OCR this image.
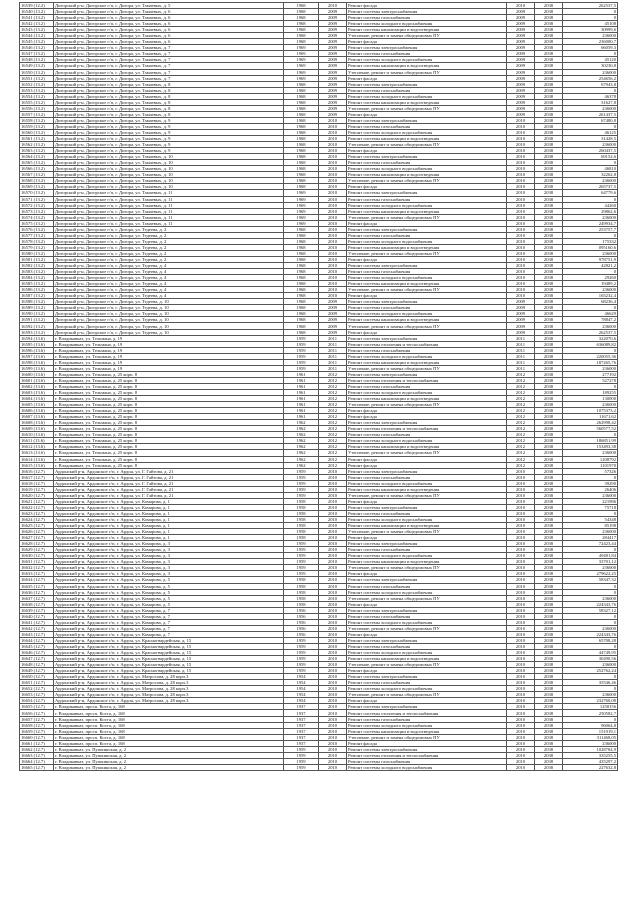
16539 (12.2)	Дигорский р-н, Дигорское г/п, г. Дигора, ул. Тамаевых, д. 5	1968	2010	Ремонт фасада	2010	2038	262537,5
16540 (13.2)	Дигорский р-н, Дигорское г/п, г. Дигора, ул. Тамаевых, д. 6	1968	2009	Ремонт системы электроснабжения	2009	2038	0
16541 (13.2)	Дигорский р-н, Дигорское г/п, г. Дигора, ул. Тамаевых, д. 6	1968	2009	Ремонт системы газоснабжения	2009	2038	0
16542 (13.2)	Дигорский р-н, Дигорское г/п, г. Дигора, ул. Тамаевых, д. 6	1968	2009	Ремонт системы холодного водоснабжения	2009	2038	45108
16543 (13.2)	Дигорский р-н, Дигорское г/п, г. Дигора, ул. Тамаевых, д. 6	1968	2009	Ремонт системы канализации и водоотведения	2009	2038	30999,6
16544 (13.2)	Дигорский р-н, Дигорское г/п, г. Дигора, ул. Тамаевых, д. 6	1968	2009	Утепление, ремонт и замена общедомовых ПУ	2009	2038	236000
16545 (13.2)	Дигорский р-н, Дигорское г/п, г. Дигора, ул. Тамаевых, д. 6	1968	2009	Ремонт фасада	2009	2038	236000,7
16546 (13.2)	Дигорский р-н, Дигорское г/п, г. Дигора, ул. Тамаевых, д. 7	1969	2009	Ремонт системы электроснабжения	2009	2038	66059,3
16547 (13.2)	Дигорский р-н, Дигорское г/п, г. Дигора, ул. Тамаевых, д. 7	1969	2009	Ремонт системы газоснабжения	2009	2038	0
16548 (13.2)	Дигорский р-н, Дигорское г/п, г. Дигора, ул. Тамаевых, д. 7	1969	2009	Ремонт системы холодного водоснабжения	2009	2038	45120
16549 (13.2)	Дигорский р-н, Дигорское г/п, г. Дигора, ул. Тамаевых, д. 7	1969	2009	Ремонт системы канализации и водоотведения	2009	2038	30230,8
16550 (13.2)	Дигорский р-н, Дигорское г/п, г. Дигора, ул. Тамаевых, д. 7	1969	2009	Утепление, ремонт и замена общедомовых ПУ	2009	2038	236000
16551 (13.2)	Дигорский р-н, Дигорское г/п, г. Дигора, ул. Тамаевых, д. 7	1969	2009	Ремонт фасада	2009	2038	254656,2
16552 (13.2)	Дигорский р-н, Дигорское г/п, г. Дигора, ул. Тамаевых, д. 8	1968	2009	Ремонт системы электроснабжения	2009	2038	67943,8
16553 (13.2)	Дигорский р-н, Дигорское г/п, г. Дигора, ул. Тамаевых, д. 8	1968	2009	Ремонт системы газоснабжения	2009	2038	0
16554 (13.2)	Дигорский р-н, Дигорское г/п, г. Дигора, ул. Тамаевых, д. 8	1968	2009	Ремонт системы холодного водоснабжения	2009	2038	46378
16555 (13.2)	Дигорский р-н, Дигорское г/п, г. Дигора, ул. Тамаевых, д. 8	1968	2009	Ремонт системы канализации и водоотведения	2009	2038	31627,8
16556 (13.2)	Дигорский р-н, Дигорское г/п, г. Дигора, ул. Тамаевых, д. 8	1968	2009	Утепление, ремонт и замена общедомовых ПУ	2009	2038	236000
16557 (13.2)	Дигорский р-н, Дигорское г/п, г. Дигора, ул. Тамаевых, д. 8	1968	2009	Ремонт фасада	2009	2038	261437,5
16558 (13.2)	Дигорский р-н, Дигорское г/п, г. Дигора, ул. Тамаевых, д. 9	1968	2010	Ремонт системы электроснабжения	2010	2038	67480,8
16559 (13.2)	Дигорский р-н, Дигорское г/п, г. Дигора, ул. Тамаевых, д. 9	1968	2010	Ремонт системы газоснабжения	2010	2038	0
16560 (13.2)	Дигорский р-н, Дигорское г/п, г. Дигора, ул. Тамаевых, д. 9	1968	2010	Ремонт системы холодного водоснабжения	2010	2038	46125
16561 (13.2)	Дигорский р-н, Дигорское г/п, г. Дигора, ул. Тамаевых, д. 9	1968	2010	Ремонт системы канализации и водоотведения	2010	2038	31428,5
16562 (13.2)	Дигорский р-н, Дигорское г/п, г. Дигора, ул. Тамаевых, д. 9	1968	2010	Утепление, ремонт и замена общедомовых ПУ	2010	2038	236000
16563 (13.2)	Дигорский р-н, Дигорское г/п, г. Дигора, ул. Тамаевых, д. 9	1968	2010	Ремонт фасада	2010	2038	260437,5
16564 (13.2)	Дигорский р-н, Дигорское г/п, г. Дигора, ул. Тамаевых, д. 10	1968	2010	Ремонт системы электроснабжения	2010	2038	69152,6
16565 (13.2)	Дигорский р-н, Дигорское г/п, г. Дигора, ул. Тамаевых, д. 10	1968	2010	Ремонт системы газоснабжения	2010	2038	0
16566 (13.2)	Дигорский р-н, Дигорское г/п, г. Дигора, ул. Тамаевых, д. 10	1968	2010	Ремонт системы холодного водоснабжения	2010	2038	46810
16567 (13.2)	Дигорский р-н, Дигорское г/п, г. Дигора, ул. Тамаевых, д. 10	1968	2010	Ремонт системы канализации и водоотведения	2010	2038	32262,8
16568 (13.2)	Дигорский р-н, Дигорское г/п, г. Дигора, ул. Тамаевых, д. 10	1968	2010	Утепление, ремонт и замена общедомовых ПУ	2010	2038	236000
16569 (13.2)	Дигорский р-н, Дигорское г/п, г. Дигора, ул. Тамаевых, д. 10	1968	2010	Ремонт фасада	2010	2038	265737,5
16570 (13.2)	Дигорский р-н, Дигорское г/п, г. Дигора, ул. Тамаевых, д. 11	1969	2010	Ремонт системы электроснабжения	2010	2038	64779,6
16571 (13.2)	Дигорский р-н, Дигорское г/п, г. Дигора, ул. Тамаевых, д. 11	1969	2010	Ремонт системы газоснабжения	2010	2038	0
16572 (13.2)	Дигорский р-н, Дигорское г/п, г. Дигора, ул. Тамаевых, д. 11	1969	2010	Ремонт системы холодного водоснабжения	2010	2038	44260
16573 (13.2)	Дигорский р-н, Дигорское г/п, г. Дигора, ул. Тамаевых, д. 11	1969	2010	Ремонт системы канализации и водоотведения	2010	2038	29862,6
16574 (13.2)	Дигорский р-н, Дигорское г/п, г. Дигора, ул. Тамаевых, д. 11	1969	2010	Утепление, ремонт и замена общедомовых ПУ	2010	2038	236000
16575 (13.2)	Дигорский р-н, Дигорское г/п, г. Дигора, ул. Тамаевых, д. 11	1969	2010	Ремонт фасада	2010	2038	249934,7
16576 (13.2)	Дигорский р-н, Дигорское г/п, г. Дигора, ул. Тедеева, д. 2	1968	2010	Ремонт системы электроснабжения	2010	2038	253757,7
16577 (13.2)	Дигорский р-н, Дигорское г/п, г. Дигора, ул. Тедеева, д. 2	1968	2010	Ремонт системы газоснабжения	2010	2038	0
16578 (13.2)	Дигорский р-н, Дигорское г/п, г. Дигора, ул. Тедеева, д. 2	1968	2010	Ремонт системы холодного водоснабжения	2010	2038	175332
16579 (13.2)	Дигорский р-н, Дигорское г/п, г. Дигора, ул. Тедеева, д. 2	1968	2010	Ремонт системы канализации и водоотведения	2010	2038	095160,6
16580 (13.2)	Дигорский р-н, Дигорское г/п, г. Дигора, ул. Тедеева, д. 2	1968	2010	Утепление, ремонт и замена общедомовых ПУ	2010	2038	236000
16581 (13.2)	Дигорский р-н, Дигорское г/п, г. Дигора, ул. Тедеева, д. 2	1968	2010	Ремонт фасада	2010	2038	978751,9
16582 (13.2)	Дигорский р-н, Дигорское г/п, г. Дигора, ул. Тедеева, д. 4	1968	2010	Ремонт системы электроснабжения	2010	2038	42821,2
16583 (13.2)	Дигорский р-н, Дигорское г/п, г. Дигора, ул. Тедеева, д. 4	1968	2010	Ремонт системы газоснабжения	2010	2038	0
16584 (13.2)	Дигорский р-н, Дигорское г/п, г. Дигора, ул. Тедеева, д. 4	1968	2010	Ремонт системы холодного водоснабжения	2010	2038	29260
16585 (13.2)	Дигорский р-н, Дигорское г/п, г. Дигора, ул. Тедеева, д. 4	1968	2010	Ремонт системы канализации и водоотведения	2010	2038	19489,2
16586 (13.2)	Дигорский р-н, Дигорское г/п, г. Дигора, ул. Тедеева, д. 4	1968	2010	Утепление, ремонт и замена общедомовых ПУ	2010	2038	236000
16587 (13.2)	Дигорский р-н, Дигорское г/п, г. Дигора, ул. Тедеева, д. 4	1968	2010	Ремонт фасада	2010	2038	165232,4
16588 (13.2)	Дигорский р-н, Дигорское г/п, г. Дигора, ул. Тедеева, д. 10	1968	2009	Ремонт системы электроснабжения	2009	2038	68236,4
16589 (13.2)	Дигорский р-н, Дигорское г/п, г. Дигора, ул. Тедеева, д. 10	1968	2009	Ремонт системы газоснабжения	2009	2038	0
16590 (13.2)	Дигорский р-н, Дигорское г/п, г. Дигора, ул. Тедеева, д. 10	1968	2009	Ремонт системы холодного водоснабжения	2009	2038	46629
16591 (13.2)	Дигорский р-н, Дигорское г/п, г. Дигора, ул. Тедеева, д. 10	1968	2009	Ремонт системы канализации и водоотведения	2009	2038	78847,2
16592 (13.2)	Дигорский р-н, Дигорское г/п, г. Дигора, ул. Тедеева, д. 10	1968	2009	Утепление, ремонт и замена общедомовых ПУ	2009	2038	236000
16593 (13.2)	Дигорский р-н, Дигорское г/п, г. Дигора, ул. Тедеева, д. 10	1968	2009	Ремонт фасада	2009	2038	262537,5
16594 (13.6)	г. Владикавказ, ул. Тельмана, д. 19	1959	2011	Ремонт системы электроснабжения	2011	2038	322070,6
16595 (13.6)	г. Владикавказ, ул. Тельмана, д. 19	1959	2011	Ремонт системы отопления и теплоснабжения	2011	2038	636089,82
16596 (13.6)	г. Владикавказ, ул. Тельмана, д. 19	1959	2011	Ремонт системы газоснабжения	2011	2038	0
16597 (13.6)	г. Владикавказ, ул. Тельмана, д. 19	1959	2011	Ремонт системы холодного водоснабжения	2011	2038	220055,36
16598 (13.6)	г. Владикавказ, ул. Тельмана, д. 19	1959	2011	Ремонт системы канализации и водоотведения	2011	2038	187265,76
16599 (13.6)	г. Владикавказ, ул. Тельмана, д. 19	1959	2011	Утепление, ремонт и замена общедомовых ПУ	2011	2038	236000
16600 (13.6)	г. Владикавказ, ул. Тельмана, д. 25 корп. 8	1961	2012	Ремонт системы электроснабжения	2012	2038	277192
16601 (13.6)	г. Владикавказ, ул. Тельмана, д. 25 корп. 8	1961	2012	Ремонт системы отопления и теплоснабжения	2012	2038	527278
16602 (13.6)	г. Владикавказ, ул. Тельмана, д. 25 корп. 8	1961	2012	Ремонт системы газоснабжения	2012	2038	0
16603 (13.6)	г. Владикавказ, ул. Тельмана, д. 25 корп. 8	1961	2012	Ремонт системы холодного водоснабжения	2012	2038	189255
16604 (13.6)	г. Владикавказ, ул. Тельмана, д. 25 корп. 8	1961	2012	Ремонт системы канализации и водоотведения	2012	2038	130000
16605 (13.6)	г. Владикавказ, ул. Тельмана, д. 25 корп. 8	1961	2012	Утепление, ремонт и замена общедомовых ПУ	2012	2038	236000
16606 (13.6)	г. Владикавказ, ул. Тельмана, д. 25 корп. 8	1961	2012	Ремонт фасада	2012	2038	1075373,2
16607 (13.6)	г. Владикавказ, ул. Тельмана, д. 25 корп. 8	1961	2012	Ремонт фасада	2012	2038	11671,62
16608 (13.6)	г. Владикавказ, ул. Тельмана, д. 25 корп. 8	1962	2012	Ремонт системы электроснабжения	2012	2038	262998,42
16609 (13.6)	г. Владикавказ, ул. Тельмана, д. 25 корп. 8	1962	2012	Ремонт системы отопления и теплоснабжения	2012	2038	560577,52
16610 (13.6)	г. Владикавказ, ул. Тельмана, д. 25 корп. 8	1962	2012	Ремонт системы газоснабжения	2012	2038	0
16611 (13.6)	г. Владикавказ, ул. Тельмана, д. 25 корп. 8	1962	2012	Ремонт системы холодного водоснабжения	2012	2038	186851,99
16612 (13.6)	г. Владикавказ, ул. Тельмана, д. 25 корп. 8	1962	2012	Ремонт системы канализации и водоотведения	2012	2038	153493,38
16613 (13.6)	г. Владикавказ, ул. Тельмана, д. 25 корп. 8	1962	2012	Утепление, ремонт и замена общедомовых ПУ	2012	2038	236000
16614 (13.6)	г. Владикавказ, ул. Тельмана, д. 25 корп. 8	1962	2012	Ремонт фасада	2012	2038	1208792
16615 (13.6)	г. Владикавказ, ул. Тельмана, д. 25 корп. 8	1962	2012	Ремонт фасада	2012	2038	1101970
16616 (12.7)	Ардонский р-н, Ардонское г/п, г. Ардон, ул. Г. Гайтова, д. 21	1959	2010	Ремонт системы электроснабжения	2010	2038	57326
16617 (12.7)	Ардонский р-н, Ардонское г/п, г. Ардон, ул. Г. Гайтова, д. 21	1959	2010	Ремонт системы газоснабжения	2010	2038	0
16618 (12.7)	Ардонский р-н, Ардонское г/п, г. Ардон, ул. Г. Гайтова, д. 21	1959	2010	Ремонт системы холодного водоснабжения	2010	2038	39290
16619 (12.7)	Ардонский р-н, Ардонское г/п, г. Ардон, ул. Г. Гайтова, д. 21	1959	2010	Ремонт системы канализации и водоотведения	2010	2038	26406
16620 (12.7)	Ардонский р-н, Ардонское г/п, г. Ардон, ул. Г. Гайтова, д. 21	1959	2010	Утепление, ремонт и замена общедомовых ПУ	2010	2038	236000
16621 (12.7)	Ардонский р-н, Ардонское г/п, г. Ардон, ул. Комарова, д. 1	1958	2010	Ремонт фасада	2010	2038	221986
16622 (12.7)	Ардонский р-н, Ардонское г/п, г. Ардон, ул. Комарова, д. 1	1958	2010	Ремонт системы электроснабжения	2010	2038	75718
16623 (12.7)	Ардонский р-н, Ардонское г/п, г. Ардон, ул. Комарова, д. 1	1958	2010	Ремонт системы газоснабжения	2010	2038	0
16624 (12.7)	Ардонский р-н, Ардонское г/п, г. Ардон, ул. Комарова, д. 1	1958	2010	Ремонт системы холодного водоснабжения	2010	2038	54348
16625 (12.7)	Ардонский р-н, Ардонское г/п, г. Ардон, ул. Комарова, д. 1	1958	2010	Ремонт системы канализации и водоотведения	2010	2038	85198
16626 (12.7)	Ардонский р-н, Ардонское г/п, г. Ардон, ул. Комарова, д. 1	1958	2010	Утепление, ремонт и замена общедомовых ПУ	2010	2038	236000
16627 (12.7)	Ардонский р-н, Ардонское г/п, г. Ардон, ул. Комарова, д. 1	1958	2010	Ремонт фасада	2010	2038	284417
16628 (12.7)	Ардонский р-н, Ардонское г/п, г. Ардон, ул. Комарова, д. 3	1959	2010	Ремонт системы электроснабжения	2010	2038	72423,44
16629 (12.7)	Ардонский р-н, Ардонское г/п, г. Ардон, ул. Комарова, д. 3	1959	2010	Ремонт системы газоснабжения	2010	2038	0
16630 (12.7)	Ардонский р-н, Ардонское г/п, г. Ардон, ул. Комарова, д. 3	1959	2010	Ремонт системы холодного водоснабжения	2010	2038	49481,84
16631 (12.7)	Ардонский р-н, Ардонское г/п, г. Ардон, ул. Комарова, д. 3	1959	2010	Ремонт системы канализации и водоотведения	2010	2038	33701,12
16632 (12.7)	Ардонский р-н, Ардонское г/п, г. Ардон, ул. Комарова, д. 3	1959	2010	Утепление, ремонт и замена общедомовых ПУ	2010	2038	236000
16633 (12.7)	Ардонский р-н, Ардонское г/п, г. Ардон, ул. Комарова, д. 3	1959	2010	Ремонт фасада	2010	2038	279622,25
16634 (12.7)	Ардонский р-н, Ардонское г/п, г. Ардон, ул. Комарова, д. 5	1958	2010	Ремонт системы электроснабжения	2010	2038	58347,32
16635 (12.7)	Ардонский р-н, Ардонское г/п, г. Ардон, ул. Комарова, д. 5	1958	2010	Ремонт системы газоснабжения	2010	2038	0
16636 (12.7)	Ардонский р-н, Ардонское г/п, г. Ардон, ул. Комарова, д. 5	1958	2010	Ремонт системы холодного водоснабжения	2010	2038	0
16637 (12.7)	Ардонский р-н, Ардонское г/п, г. Ардон, ул. Комарова, д. 5	1958	2010	Утепление, ремонт и замена общедомовых ПУ	2010	2038	236000
16638 (12.7)	Ардонский р-н, Ардонское г/п, г. Ардон, ул. Комарова, д. 5	1958	2010	Ремонт фасада	2010	2038	224343,76
16639 (12.7)	Ардонский р-н, Ардонское г/п, г. Ардон, ул. Комарова, д. 7	1956	2010	Ремонт системы электроснабжения	2010	2038	58327,12
16640 (12.7)	Ардонский р-н, Ардонское г/п, г. Ардон, ул. Комарова, д. 7	1956	2010	Ремонт системы газоснабжения	2010	2038	0
16641 (12.7)	Ардонский р-н, Ардонское г/п, г. Ардон, ул. Комарова, д. 7	1956	2010	Ремонт системы холодного водоснабжения	2010	2038	0
16642 (12.7)	Ардонский р-н, Ардонское г/п, г. Ардон, ул. Комарова, д. 7	1956	2010	Утепление, ремонт и замена общедомовых ПУ	2010	2038	236000
16643 (12.7)	Ардонский р-н, Ардонское г/п, г. Ардон, ул. Комарова, д. 7	1956	2010	Ремонт фасада	2010	2038	224343,76
16644 (12.7)	Ардонский р-н, Ардонское г/п, г. Ардон, ул. Красногвардейская, д. 15	1959	2010	Ремонт системы электроснабжения	2010	2038	65708,28
16645 (12.7)	Ардонский р-н, Ардонское г/п, г. Ардон, ул. Красногвардейская, д. 15	1959	2010	Ремонт системы газоснабжения	2010	2038	0
16646 (12.7)	Ардонский р-н, Ардонское г/п, г. Ардон, ул. Красногвардейская, д. 15	1959	2010	Ремонт системы холодного водоснабжения	2010	2038	44749,95
16647 (12.7)	Ардонский р-н, Ардонское г/п, г. Ардон, ул. Красногвардейская, д. 15	1959	2010	Ремонт системы канализации и водоотведения	2010	2038	30490,56
16648 (12.7)	Ардонский р-н, Ардонское г/п, г. Ардон, ул. Красногвардейская, д. 15	1959	2010	Утепление, ремонт и замена общедомовых ПУ	2010	2038	236000
16649 (12.7)	Ардонский р-н, Ардонское г/п, г. Ардон, ул. Красногвардейская, д. 15	1959	2010	Ремонт фасада	2010	2038	252762,24
16650 (12.7)	Ардонский р-н, Ардонское г/п, г. Ардон, ул. Матросова, д. 28 корп.3	1954	2010	Ремонт системы электроснабжения	2010	2038	0
16651 (12.7)	Ардонский р-н, Ардонское г/п, г. Ардон, ул. Матросова, д. 28 корп.3	1954	2010	Ремонт системы газоснабжения	2010	2038	35546,46
16652 (12.7)	Ардонский р-н, Ардонское г/п, г. Ардон, ул. Матросова, д. 28 корп.3	1954	2010	Ремонт системы холодного водоснабжения	2010	2038	0
16653 (12.7)	Ардонский р-н, Ардонское г/п, г. Ардон, ул. Матросова, д. 28 корп.3	1954	2010	Утепление, ремонт и замена общедомовых ПУ	2010	2038	236000
16654 (12.7)	Ардонский р-н, Ардонское г/п, г. Ардон, ул. Матросова, д. 28 корп.3	1954	2010	Ремонт фасада	2010	2038	232760,08
16655 (12.7)	г. Владикавказ, просп. Коста, д. 168	1937	2010	Ремонт системы электроснабжения	2010	2038	1258156
16656 (12.7)	г. Владикавказ, просп. Коста, д. 168	1937	2010	Ремонт системы отопления и теплоснабжения	2010	2038	250582,7
16657 (12.7)	г. Владикавказ, просп. Коста, д. 168	1937	2010	Ремонт системы газоснабжения	2010	2038	0
16658 (12.7)	г. Владикавказ, просп. Коста, д. 168	1937	2010	Ремонт системы холодного водоснабжения	2010	2038	96064,8
16659 (12.7)	г. Владикавказ, просп. Коста, д. 168	1937	2010	Ремонт системы канализации и водоотведения	2010	2038	151919,1
16660 (12.7)	г. Владикавказ, просп. Коста, д. 168	1937	2010	Утепление, ремонт и замена общедомовых ПУ	2010	2038	311468,05
16661 (12.7)	г. Владикавказ, просп. Коста, д. 168	1937	2010	Ремонт фасада	2010	2038	236000
16662 (12.7)	г. Владикавказ, ул. Пушкинская, д. 2	1959	2010	Ремонт системы электроснабжения	2010	2038	1028784,9
16663 (12.7)	г. Владикавказ, ул. Пушкинская, д. 2	1959	2010	Ремонт системы отопления и теплоснабжения	2010	2038	335255,5
16664 (12.7)	г. Владикавказ, ул. Пушкинская, д. 2	1959	2010	Ремонт системы газоснабжения	2010	2038	435297,2
16665 (12.7)	г. Владикавказ, ул. Пушкинская, д. 2	1959	2010	Ремонт системы холодного водоснабжения	2010	2038	227632,8
